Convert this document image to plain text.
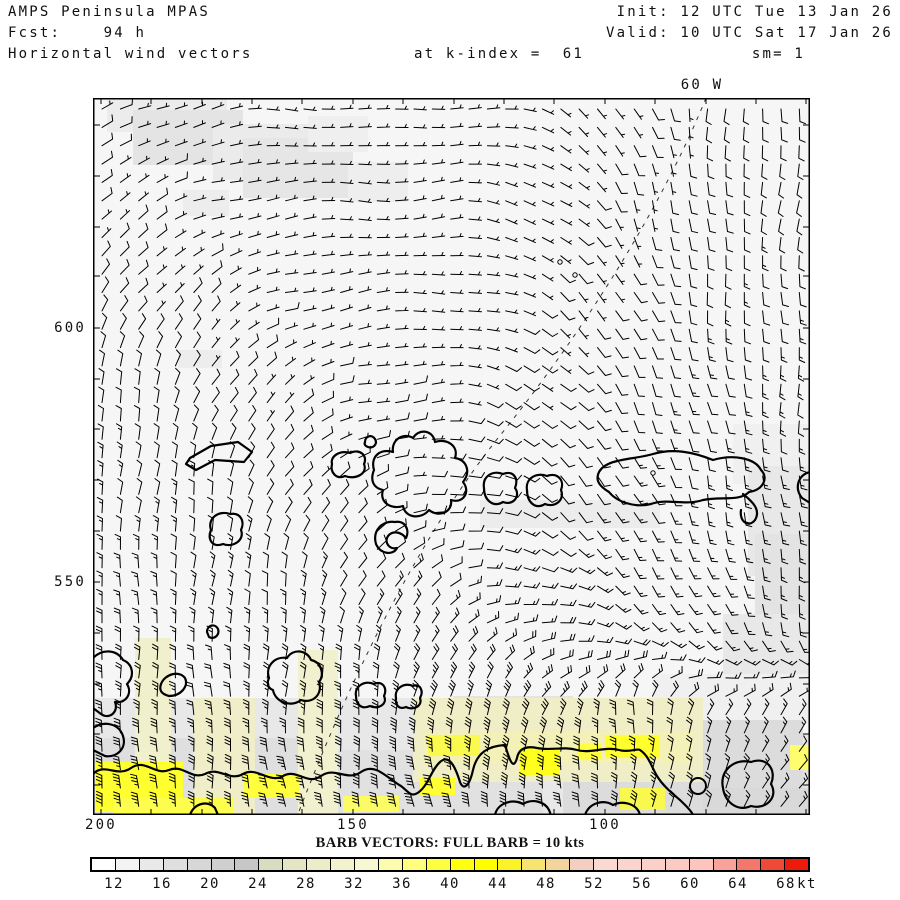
AMPS Peninsula MPAS
Fcst:    94 h
Horizontal wind vectors	at k-index =  61
Init: 12 UTC Tue 13 Jan 26
Valid: 10 UTC Sat 17 Jan 26
sm= 1
60 W
600
550
200	150	100
BARB VECTORS: FULL BARB = 10 kts
12 16 20 24 28 32 36 40 44 48 52 56 60 64 68 kt
